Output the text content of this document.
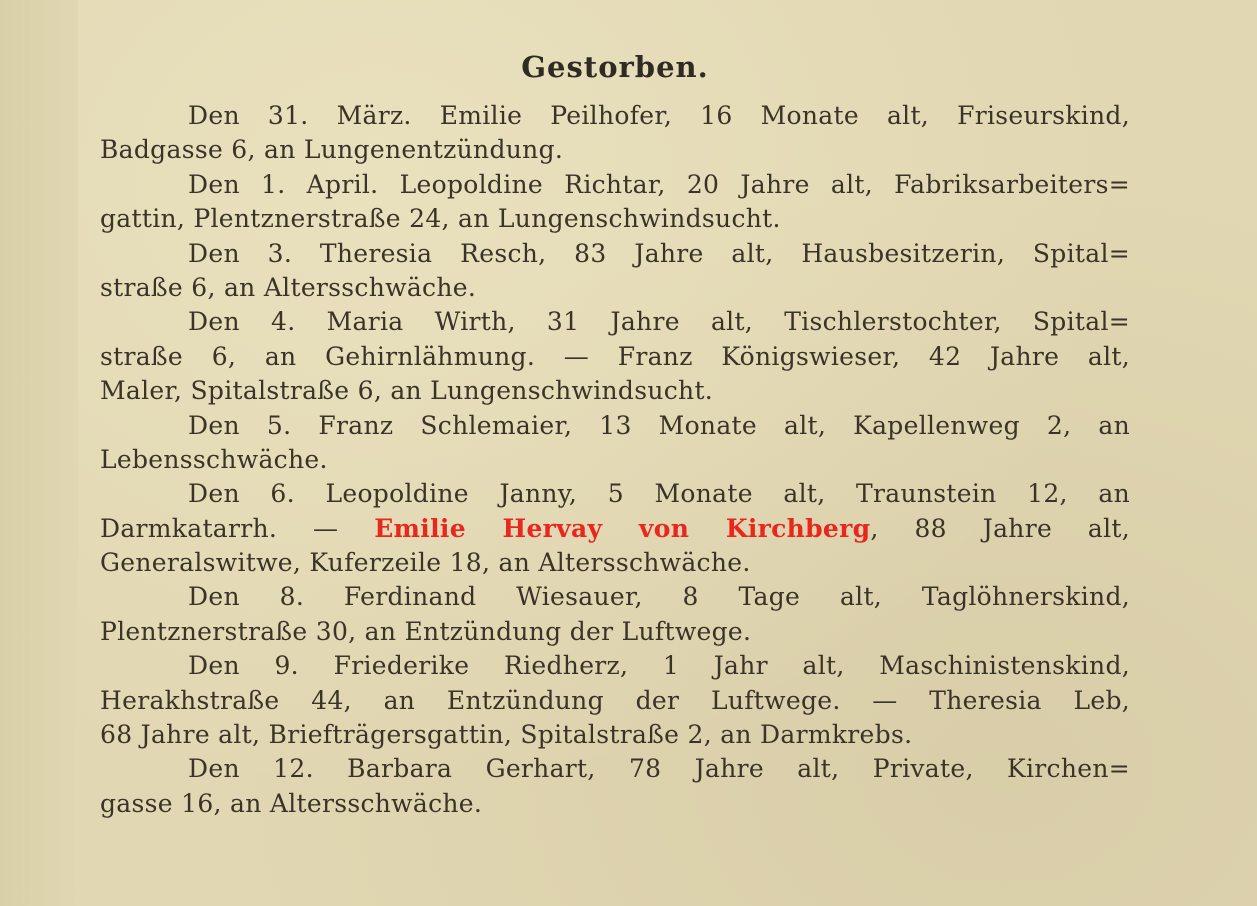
Gestorben.
Den 31. März. Emilie Peilhofer, 16 Monate alt, Friseurskind,
Badgasse 6, an Lungenentzündung.
Den 1. April. Leopoldine Richtar, 20 Jahre alt, Fabriksarbeiters=
gattin, Plentznerstraße 24, an Lungenschwindsucht.
Den 3. Theresia Resch, 83 Jahre alt, Hausbesitzerin, Spital=
straße 6, an Altersschwäche.
Den 4. Maria Wirth, 31 Jahre alt, Tischlerstochter, Spital=
straße 6, an Gehirnlähmung. — Franz Königswieser, 42 Jahre alt,
Maler, Spitalstraße 6, an Lungenschwindsucht.
Den 5. Franz Schlemaier, 13 Monate alt, Kapellenweg 2, an
Lebensschwäche.
Den 6. Leopoldine Janny, 5 Monate alt, Traunstein 12, an
Darmkatarrh. — Emilie Hervay von Kirchberg, 88 Jahre alt,
Generalswitwe, Kuferzeile 18, an Altersschwäche.
Den 8. Ferdinand Wiesauer, 8 Tage alt, Taglöhnerskind,
Plentznerstraße 30, an Entzündung der Luftwege.
Den 9. Friederike Riedherz, 1 Jahr alt, Maschinistenskind,
Herakhstraße 44, an Entzündung der Luftwege. — Theresia Leb,
68 Jahre alt, Briefträgersgattin, Spitalstraße 2, an Darmkrebs.
Den 12. Barbara Gerhart, 78 Jahre alt, Private, Kirchen=
gasse 16, an Altersschwäche.
